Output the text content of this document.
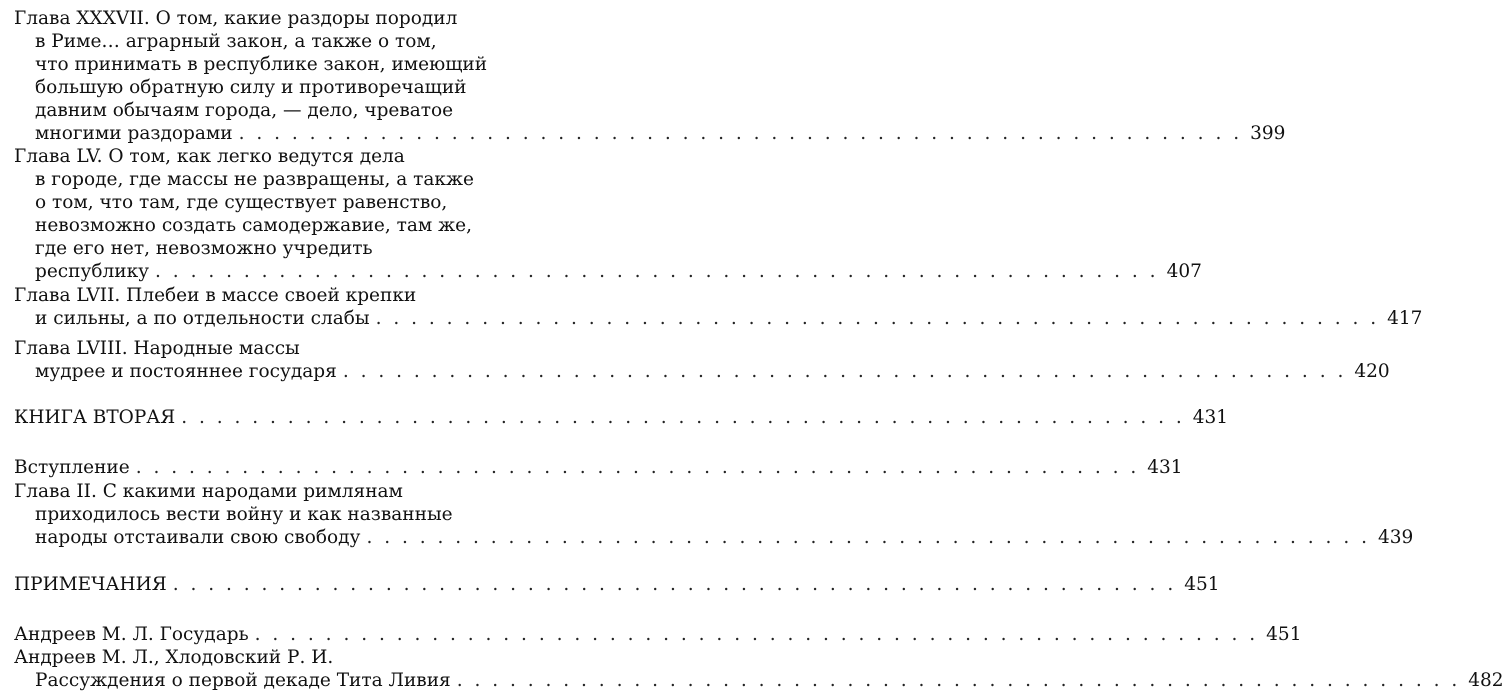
Глава XXXVII. О том, какие раздоры породил
в Риме… аграрный закон, а также о том,
что принимать в республике закон, имеющий
большую обратную силу и противоречащий
давним обычаям города, — дело, чреватое
многими раздорами . . . . . . . . . . . . . . . . . . . . . . . . . . . . . . . . . . . . . . . . . . . . . . . . . . . . . . . . . 399
Глава LV. О том, как легко ведутся дела
в городе, где массы не развращены, а также
о том, что там, где существует равенство,
невозможно создать самодержавие, там же,
где его нет, невозможно учредить
республику . . . . . . . . . . . . . . . . . . . . . . . . . . . . . . . . . . . . . . . . . . . . . . . . . . . . . . . . . 407
Глава LVII. Плебеи в массе своей крепки
и сильны, а по отдельности слабы . . . . . . . . . . . . . . . . . . . . . . . . . . . . . . . . . . . . . . . . . . . . . . . . . . . . . . . . . 417
Глава LVIII. Народные массы
мудрее и постояннее государя . . . . . . . . . . . . . . . . . . . . . . . . . . . . . . . . . . . . . . . . . . . . . . . . . . . . . . . . . 420
КНИГА ВТОРАЯ . . . . . . . . . . . . . . . . . . . . . . . . . . . . . . . . . . . . . . . . . . . . . . . . . . . . . . . . . 431
Вступление . . . . . . . . . . . . . . . . . . . . . . . . . . . . . . . . . . . . . . . . . . . . . . . . . . . . . . . . . 431
Глава II. С какими народами римлянам
приходилось вести войну и как названные
народы отстаивали свою свободу . . . . . . . . . . . . . . . . . . . . . . . . . . . . . . . . . . . . . . . . . . . . . . . . . . . . . . . . . 439
ПРИМЕЧАНИЯ . . . . . . . . . . . . . . . . . . . . . . . . . . . . . . . . . . . . . . . . . . . . . . . . . . . . . . . . . 451
Андреев М. Л. Государь . . . . . . . . . . . . . . . . . . . . . . . . . . . . . . . . . . . . . . . . . . . . . . . . . . . . . . . . . 451
Андреев М. Л., Хлодовский Р. И.
Рассуждения о первой декаде Тита Ливия . . . . . . . . . . . . . . . . . . . . . . . . . . . . . . . . . . . . . . . . . . . . . . . . . . . . . . . . . 482
